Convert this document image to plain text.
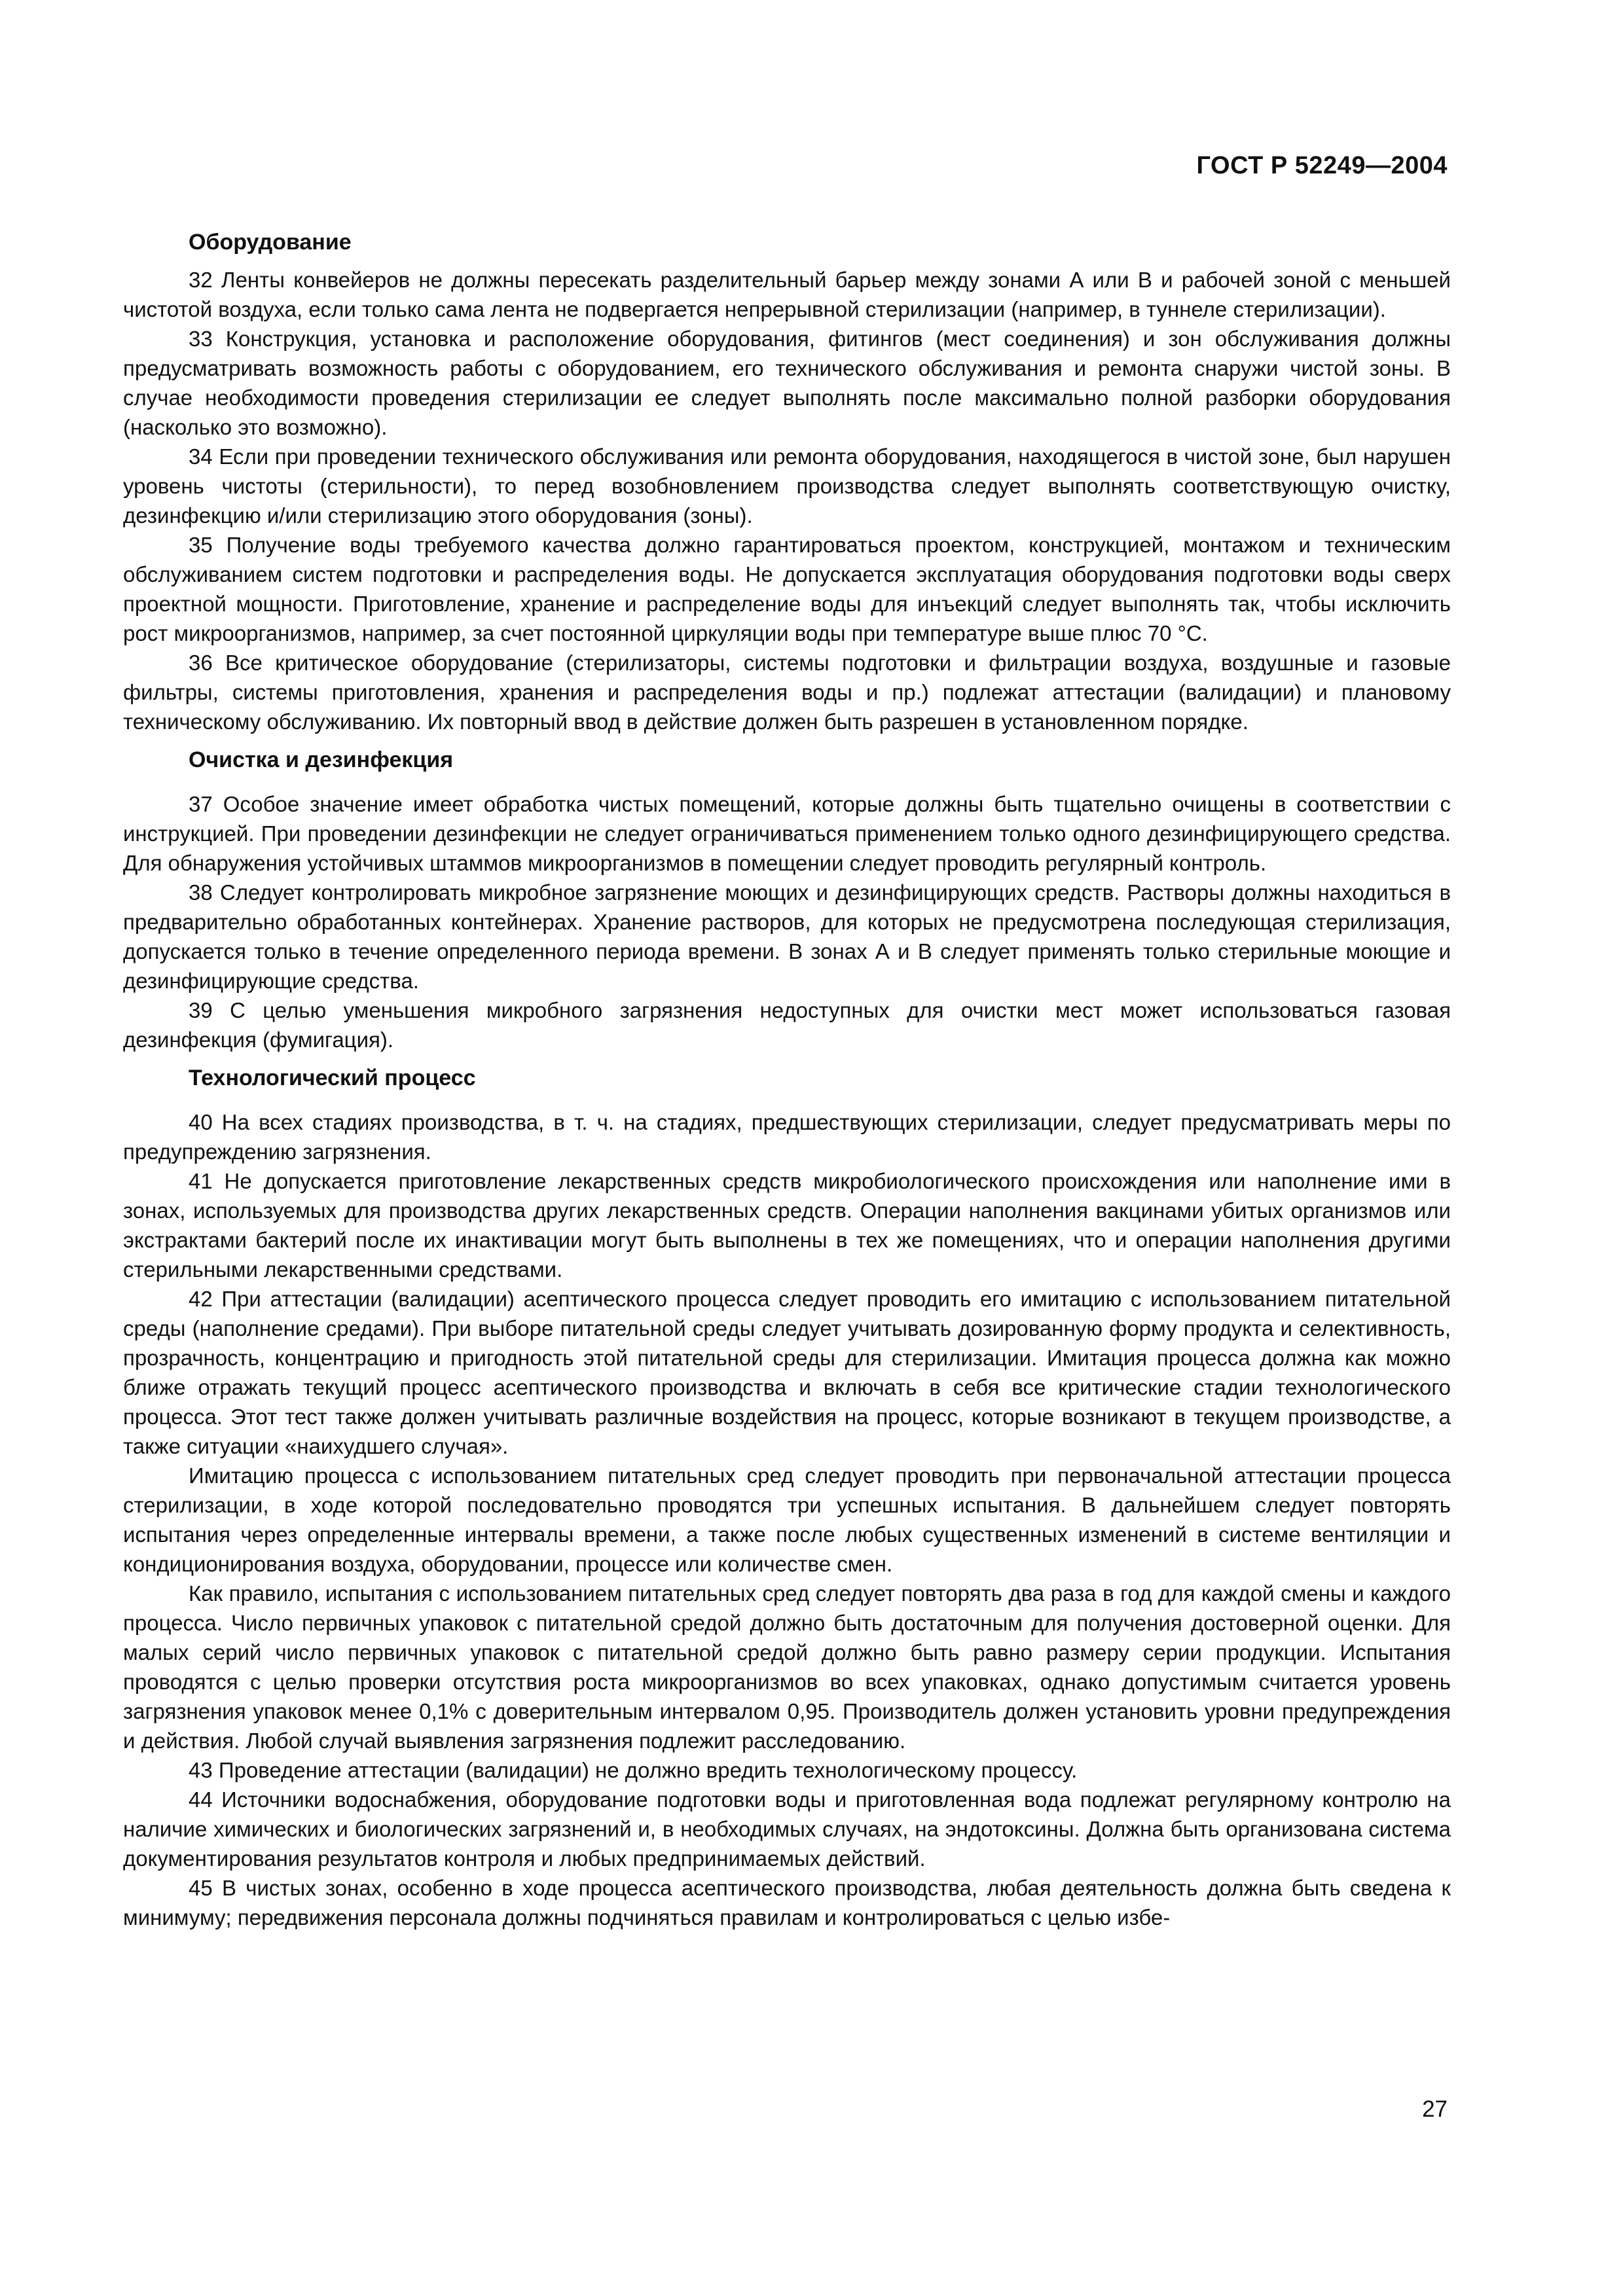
ГОСТ Р 52249—2004
Оборудование

32 Ленты конвейеров не должны пересекать разделительный барьер между зонами А или В и рабочей зоной с меньшей чистотой воздуха, если только сама лента не подвергается непрерывной стерилизации (например, в туннеле стерилизации).

33 Конструкция, установка и расположение оборудования, фитингов (мест соединения) и зон обслуживания должны предусматривать возможность работы с оборудованием, его технического обслуживания и ремонта снаружи чистой зоны. В случае необходимости проведения стерилизации ее следует выполнять после максимально полной разборки оборудования (насколько это возможно).

34 Если при проведении технического обслуживания или ремонта оборудования, находящегося в чистой зоне, был нарушен уровень чистоты (стерильности), то перед возобновлением производства следует выполнять соответствующую очистку, дезинфекцию и/или стерилизацию этого оборудования (зоны).

35 Получение воды требуемого качества должно гарантироваться проектом, конструкцией, монтажом и техническим обслуживанием систем подготовки и распределения воды. Не допускается эксплуатация оборудования подготовки воды сверх проектной мощности. Приготовление, хранение и распределение воды для инъекций следует выполнять так, чтобы исключить рост микроорганизмов, например, за счет постоянной циркуляции воды при температуре выше плюс 70 °С.

36 Все критическое оборудование (стерилизаторы, системы подготовки и фильтрации воздуха, воздушные и газовые фильтры, системы приготовления, хранения и распределения воды и пр.) подлежат аттестации (валидации) и плановому техническому обслуживанию. Их повторный ввод в действие должен быть разрешен в установленном порядке.

Очистка и дезинфекция

37 Особое значение имеет обработка чистых помещений, которые должны быть тщательно очищены в соответствии с инструкцией. При проведении дезинфекции не следует ограничиваться применением только одного дезинфицирующего средства. Для обнаружения устойчивых штаммов микроорганизмов в помещении следует проводить регулярный контроль.

38 Следует контролировать микробное загрязнение моющих и дезинфицирующих средств. Растворы должны находиться в предварительно обработанных контейнерах. Хранение растворов, для которых не предусмотрена последующая стерилизация, допускается только в течение определенного периода времени. В зонах А и В следует применять только стерильные моющие и дезинфицирующие средства.

39 С целью уменьшения микробного загрязнения недоступных для очистки мест может использоваться газовая дезинфекция (фумигация).

Технологический процесс

40 На всех стадиях производства, в т. ч. на стадиях, предшествующих стерилизации, следует предусматривать меры по предупреждению загрязнения.

41 Не допускается приготовление лекарственных средств микробиологического происхождения или наполнение ими в зонах, используемых для производства других лекарственных средств. Операции наполнения вакцинами убитых организмов или экстрактами бактерий после их инактивации могут быть выполнены в тех же помещениях, что и операции наполнения другими стерильными лекарственными средствами.

42 При аттестации (валидации) асептического процесса следует проводить его имитацию с использованием питательной среды (наполнение средами). При выборе питательной среды следует учитывать дозированную форму продукта и селективность, прозрачность, концентрацию и пригодность этой питательной среды для стерилизации. Имитация процесса должна как можно ближе отражать текущий процесс асептического производства и включать в себя все критические стадии технологического процесса. Этот тест также должен учитывать различные воздействия на процесс, которые возникают в текущем производстве, а также ситуации «наихудшего случая».

Имитацию процесса с использованием питательных сред следует проводить при первоначальной аттестации процесса стерилизации, в ходе которой последовательно проводятся три успешных испытания. В дальнейшем следует повторять испытания через определенные интервалы времени, а также после любых существенных изменений в системе вентиляции и кондиционирования воздуха, оборудовании, процессе или количестве смен.

Как правило, испытания с использованием питательных сред следует повторять два раза в год для каждой смены и каждого процесса. Число первичных упаковок с питательной средой должно быть достаточным для получения достоверной оценки. Для малых серий число первичных упаковок с питательной средой должно быть равно размеру серии продукции. Испытания проводятся с целью проверки отсутствия роста микроорганизмов во всех упаковках, однако допустимым считается уровень загрязнения упаковок менее 0,1% с доверительным интервалом 0,95. Производитель должен установить уровни предупреждения и действия. Любой случай выявления загрязнения подлежит расследованию.

43 Проведение аттестации (валидации) не должно вредить технологическому процессу.

44 Источники водоснабжения, оборудование подготовки воды и приготовленная вода подлежат регулярному контролю на наличие химических и биологических загрязнений и, в необходимых случаях, на эндотоксины. Должна быть организована система документирования результатов контроля и любых предпринимаемых действий.

45 В чистых зонах, особенно в ходе процесса асептического производства, любая деятельность должна быть сведена к минимуму; передвижения персонала должны подчиняться правилам и контролироваться с целью избе-

27
